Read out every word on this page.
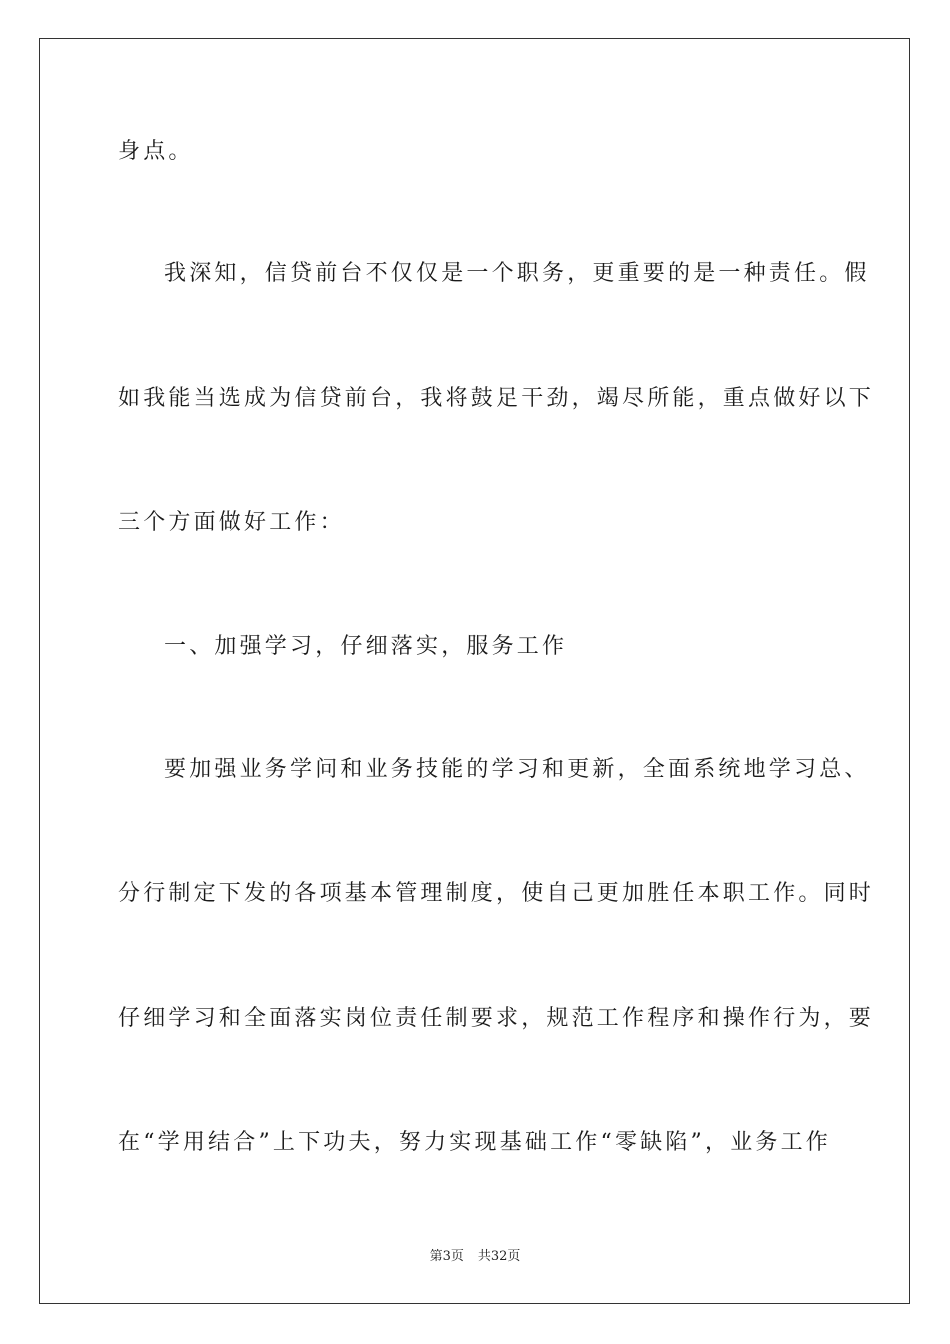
身点。
我深知，信贷前台不仅仅是一个职务，更重要的是一种责任。假
如我能当选成为信贷前台，我将鼓足干劲，竭尽所能，重点做好以下
三个方面做好工作：
一、加强学习，仔细落实，服务工作
要加强业务学问和业务技能的学习和更新，全面系统地学习总、
分行制定下发的各项基本管理制度，使自己更加胜任本职工作。同时
仔细学习和全面落实岗位责任制要求，规范工作程序和操作行为，要
在“学用结合”上下功夫，努力实现基础工作“零缺陷”，业务工作
第3页 共32页
